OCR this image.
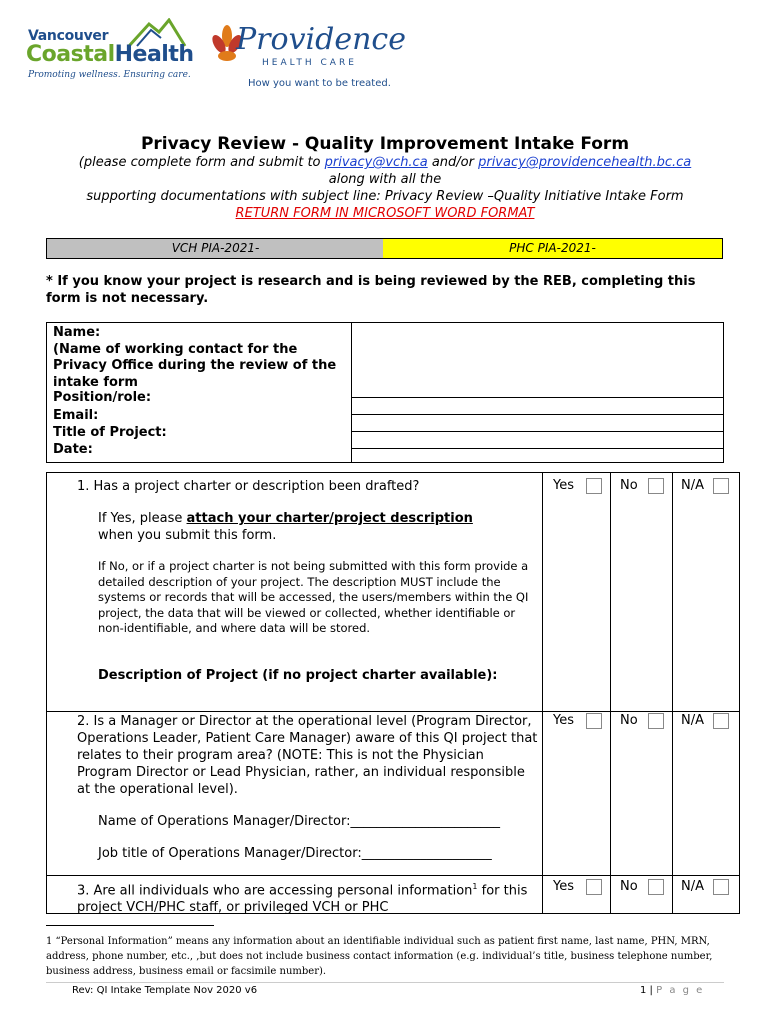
Vancouver
CoastalHealth
Promoting wellness. Ensuring care.
Providence
HEALTH CARE
How you want to be treated.
Privacy Review - Quality Improvement Intake Form
(please complete form and submit to privacy@vch.ca and/or privacy@providencehealth.bc.ca
along with all the
supporting documentations with subject line: Privacy Review –Quality Initiative Intake Form
RETURN FORM IN MICROSOFT WORD FORMAT
VCH PIA-2021-	PHC PIA-2021-
* If you know your project is research and is being reviewed by the REB, completing this form is not necessary.
Name:
(Name of working contact for the Privacy Office during the review of the intake form
Position/role:
Email:
Title of Project:
Date:
1. Has a project charter or description been drafted?
If Yes, please attach your charter/project description
when you submit this form.
If No, or if a project charter is not being submitted with this form provide a detailed description of your project. The description MUST include the systems or records that will be accessed, the users/members within the QI project, the data that will be viewed or collected, whether identifiable or non-identifiable, and where data will be stored.
Description of Project (if no project charter available):
Yes	No	N/A
2. Is a Manager or Director at the operational level (Program Director, Operations Leader, Patient Care Manager) aware of this QI project that relates to their program area? (NOTE: This is not the Physician Program Director or Lead Physician, rather, an individual responsible at the operational level).
Name of Operations Manager/Director:_______________________
Job title of Operations Manager/Director:____________________
Yes	No	N/A
3. Are all individuals who are accessing personal information$^1$ for this project VCH/PHC staff, or privileged VCH or PHC
Yes	No	N/A
1 “Personal Information” means any information about an identifiable individual such as patient first name, last name, PHN, MRN, address, phone number, etc., ,but does not include business contact information (e.g. individual’s title, business telephone number, business address, business email or facsimile number).
Rev: QI Intake Template Nov 2020 v6	1 | P a g e
